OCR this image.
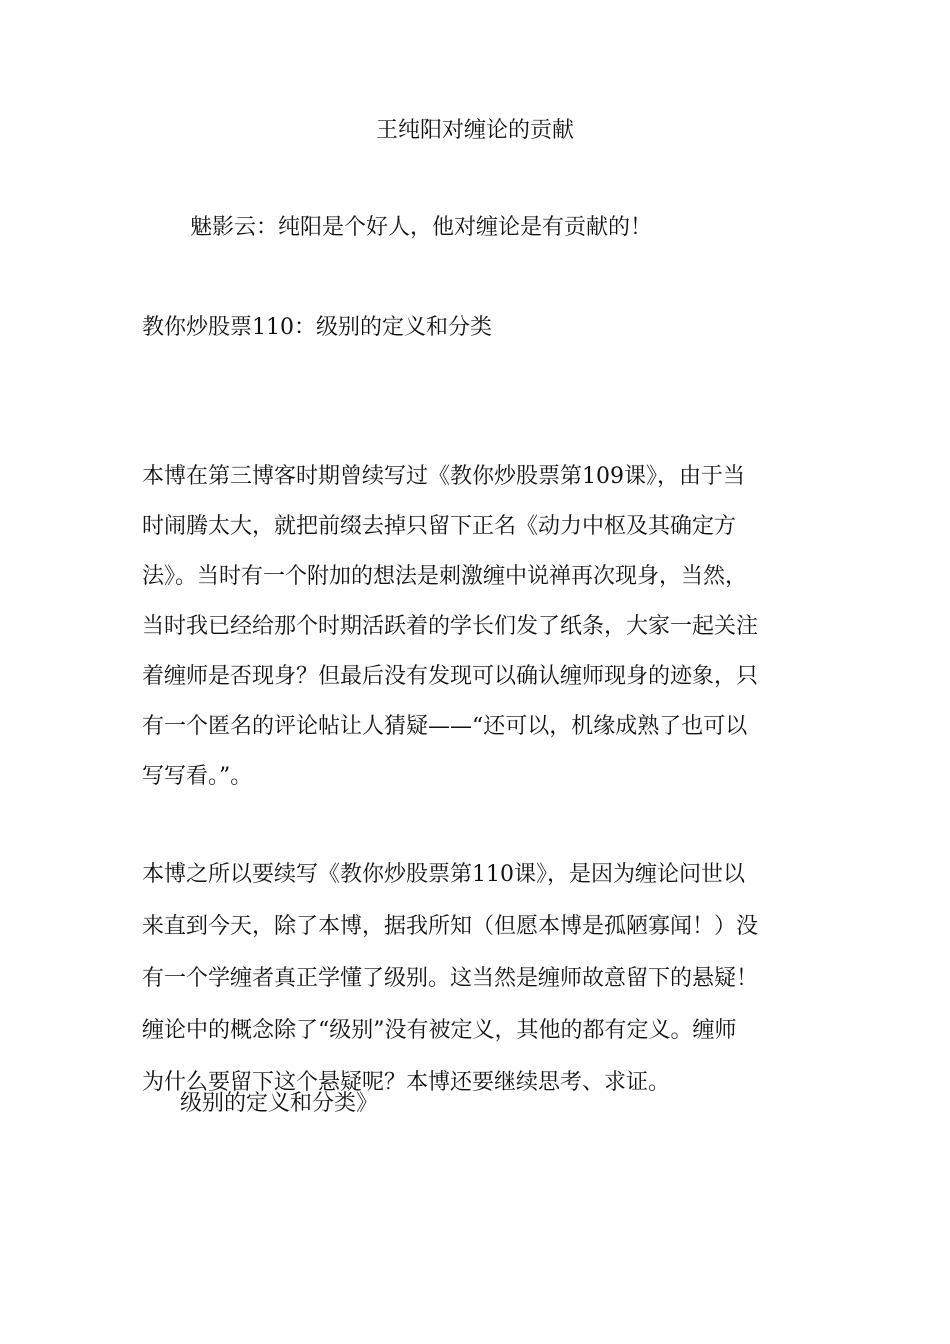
王纯阳对缠论的贡献
魅影云：纯阳是个好人，他对缠论是有贡献的！
教你炒股票110：级别的定义和分类
本博在第三博客时期曾续写过《教你炒股票第109课》，由于当
时闹腾太大，就把前缀去掉只留下正名《动力中枢及其确定方
法》。当时有一个附加的想法是刺激缠中说禅再次现身，当然，
当时我已经给那个时期活跃着的学长们发了纸条，大家一起关注
着缠师是否现身？但最后没有发现可以确认缠师现身的迹象，只
有一个匿名的评论帖让人猜疑——“还可以，机缘成熟了也可以
写写看。”。
本博之所以要续写《教你炒股票第110课》，是因为缠论问世以
来直到今天，除了本博，据我所知（但愿本博是孤陋寡闻！）没
有一个学缠者真正学懂了级别。这当然是缠师故意留下的悬疑！
缠论中的概念除了“级别”没有被定义，其他的都有定义。缠师
为什么要留下这个悬疑呢？本博还要继续思考、求证。
级别的定义和分类》
